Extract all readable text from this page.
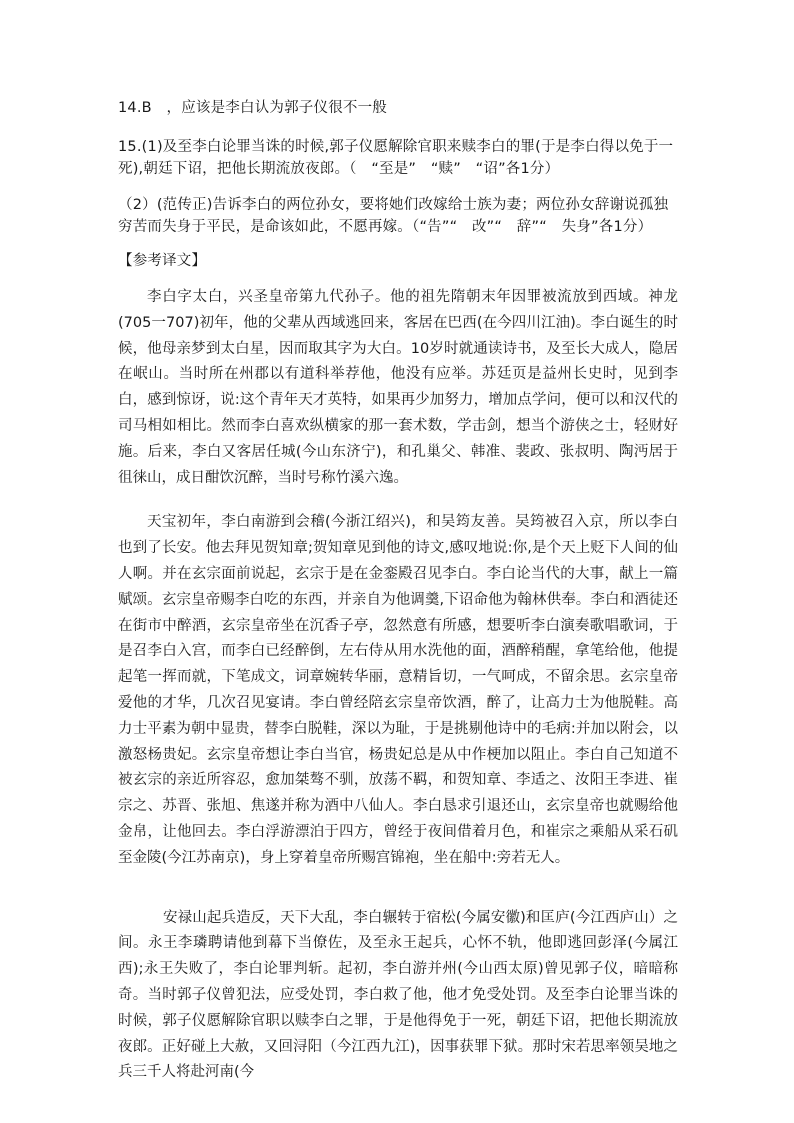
14.B　，应该是李白认为郭子仪很不一般

15.(1)及至李白论罪当诛的时候,郭子仪愿解除官职来赎李白的罪(于是李白得以免于一死),朝廷下诏，把他长期流放夜郎。（　“至是”　“赎”　“诏”各1分）

（2）(范传正)告诉李白的两位孙女，要将她们改嫁给士族为妻；两位孙女辞谢说孤独穷苦而失身于平民，是命该如此，不愿再嫁。（“告”“　改”“　辞”“　失身”各1分）

【参考译文】

李白字太白，兴圣皇帝第九代孙子。他的祖先隋朝末年因罪被流放到西域。神龙(705一707)初年，他的父辈从西域逃回来，客居在巴西(在今四川江油)。李白诞生的时候，他母亲梦到太白星，因而取其字为大白。10岁时就通读诗书，及至长大成人，隐居在岷山。当时所在州郡以有道科举荐他，他没有应举。苏廷页是益州长史时，见到李白，感到惊讶，说:这个青年天才英特，如果再少加努力，增加点学问，便可以和汉代的司马相如相比。然而李白喜欢纵横家的那一套术数，学击剑，想当个游侠之士，轻财好施。后来，李白又客居任城(今山东济宁)，和孔巢父、韩准、裴政、张叔明、陶沔居于徂徕山，成日酣饮沉醉，当时号称竹溪六逸。

天宝初年，李白南游到会稽(今浙江绍兴)，和吴筠友善。吴筠被召入京，所以李白也到了长安。他去拜见贺知章;贺知章见到他的诗文,感叹地说:你,是个天上贬下人间的仙人啊。并在玄宗面前说起，玄宗于是在金銮殿召见李白。李白论当代的大事，献上一篇赋颂。玄宗皇帝赐李白吃的东西，并亲自为他调羹,下诏命他为翰林供奉。李白和酒徒还在街市中醉酒，玄宗皇帝坐在沉香子亭，忽然意有所感，想要听李白演奏歌唱歌词，于是召李白入宫，而李白已经醉倒，左右侍从用水洗他的面，酒醉稍醒，拿笔给他，他提起笔一挥而就，下笔成文，词章婉转华丽，意精旨切，一气呵成，不留余思。玄宗皇帝爱他的才华，几次召见宴请。李白曾经陪玄宗皇帝饮酒，醉了，让高力士为他脱鞋。高力士平素为朝中显贵，替李白脱鞋，深以为耻，于是挑剔他诗中的毛病:并加以附会，以激怒杨贵妃。玄宗皇帝想让李白当官，杨贵妃总是从中作梗加以阻止。李白自己知道不被玄宗的亲近所容忍，愈加桀骜不驯，放荡不羁，和贺知章、李适之、汝阳王李进、崔宗之、苏晋、张旭、焦遂并称为酒中八仙人。李白恳求引退还山，玄宗皇帝也就赐给他金帛，让他回去。李白浮游漂泊于四方，曾经于夜间借着月色，和崔宗之乘船从采石矶至金陵(今江苏南京)，身上穿着皇帝所赐宫锦袍，坐在船中:旁若无人。

安禄山起兵造反，天下大乱，李白辗转于宿松(今属安徽)和匡庐(今江西庐山）之间。永王李璘聘请他到幕下当僚佐，及至永王起兵，心怀不轨，他即逃回彭泽(今属江西);永王失败了，李白论罪判斩。起初，李白游并州(今山西太原)曾见郭子仪，暗暗称奇。当时郭子仪曾犯法，应受处罚，李白救了他，他才免受处罚。及至李白论罪当诛的时候，郭子仪愿解除官职以赎李白之罪，于是他得免于一死，朝廷下诏，把他长期流放夜郎。正好碰上大赦，又回浔阳（今江西九江)，因事获罪下狱。那时宋若思率领吴地之兵三千人将赴河南(今
